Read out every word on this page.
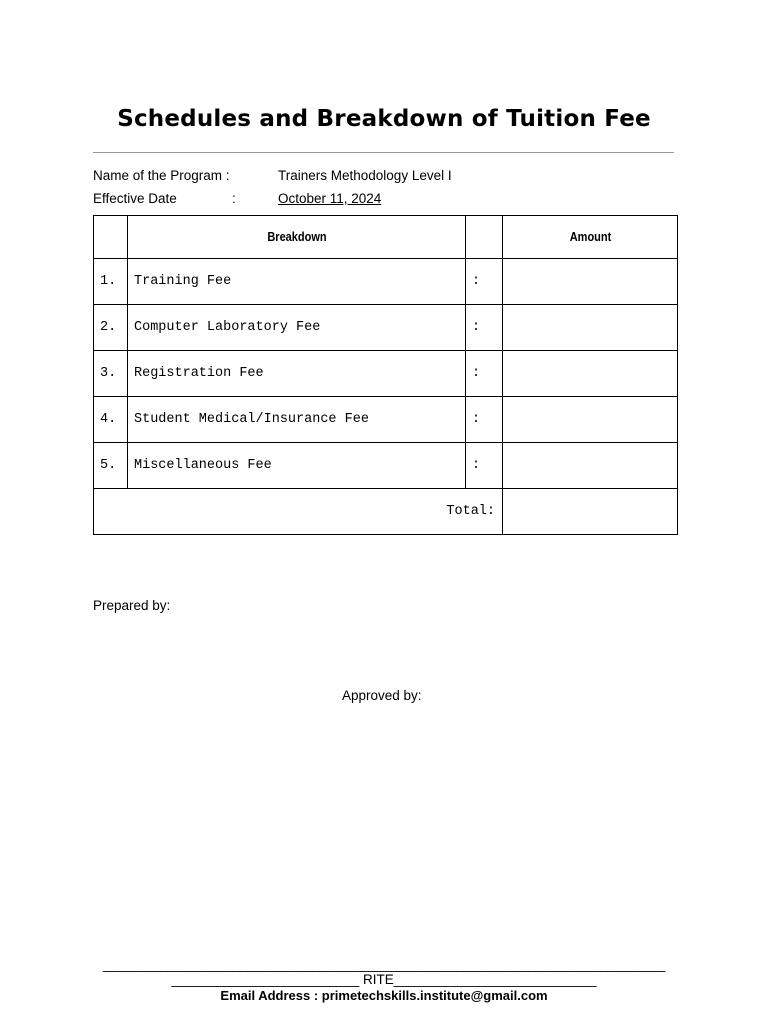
Schedules and Breakdown of Tuition Fee
Name of the Program :	Trainers Methodology Level I
Effective Date	:	October 11, 2024
	Breakdown		Amount
1.	Training Fee	:	
2.	Computer Laboratory Fee	:	
3.	Registration Fee	:	
4.	Student Medical/Insurance Fee	:	
5.	Miscellaneous Fee	:	
Total:			
Prepared by:
Approved by:
______________________________________________________________________________
_________________________ RITE___________________________
Email Address : primetechskills.institute@gmail.com
